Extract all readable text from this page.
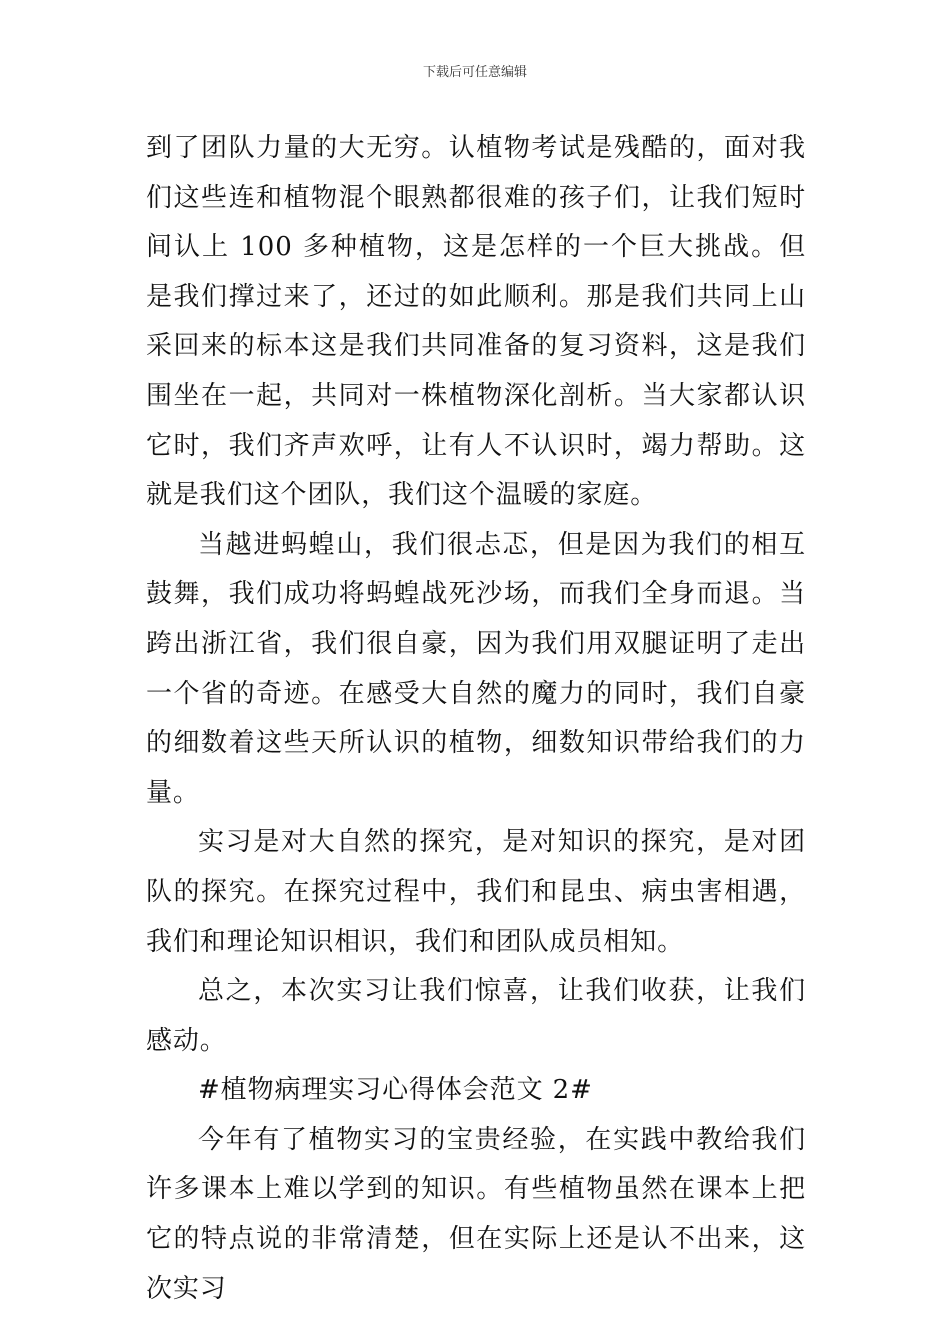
下载后可任意编辑

到了团队力量的大无穷。认植物考试是残酷的，面对我们这些连和植物混个眼熟都很难的孩子们，让我们短时间认上 100 多种植物，这是怎样的一个巨大挑战。但是我们撑过来了，还过的如此顺利。那是我们共同上山采回来的标本这是我们共同准备的复习资料，这是我们围坐在一起，共同对一株植物深化剖析。当大家都认识它时，我们齐声欢呼，让有人不认识时，竭力帮助。这就是我们这个团队，我们这个温暖的家庭。

当越进蚂蝗山，我们很忐忑，但是因为我们的相互鼓舞，我们成功将蚂蝗战死沙场，而我们全身而退。当跨出浙江省，我们很自豪，因为我们用双腿证明了走出一个省的奇迹。在感受大自然的魔力的同时，我们自豪的细数着这些天所认识的植物，细数知识带给我们的力量。

实习是对大自然的探究，是对知识的探究，是对团队的探究。在探究过程中，我们和昆虫、病虫害相遇，我们和理论知识相识，我们和团队成员相知。

总之，本次实习让我们惊喜，让我们收获，让我们感动。

#植物病理实习心得体会范文 2#

今年有了植物实习的宝贵经验，在实践中教给我们许多课本上难以学到的知识。有些植物虽然在课本上把它的特点说的非常清楚，但在实际上还是认不出来，这次实习
